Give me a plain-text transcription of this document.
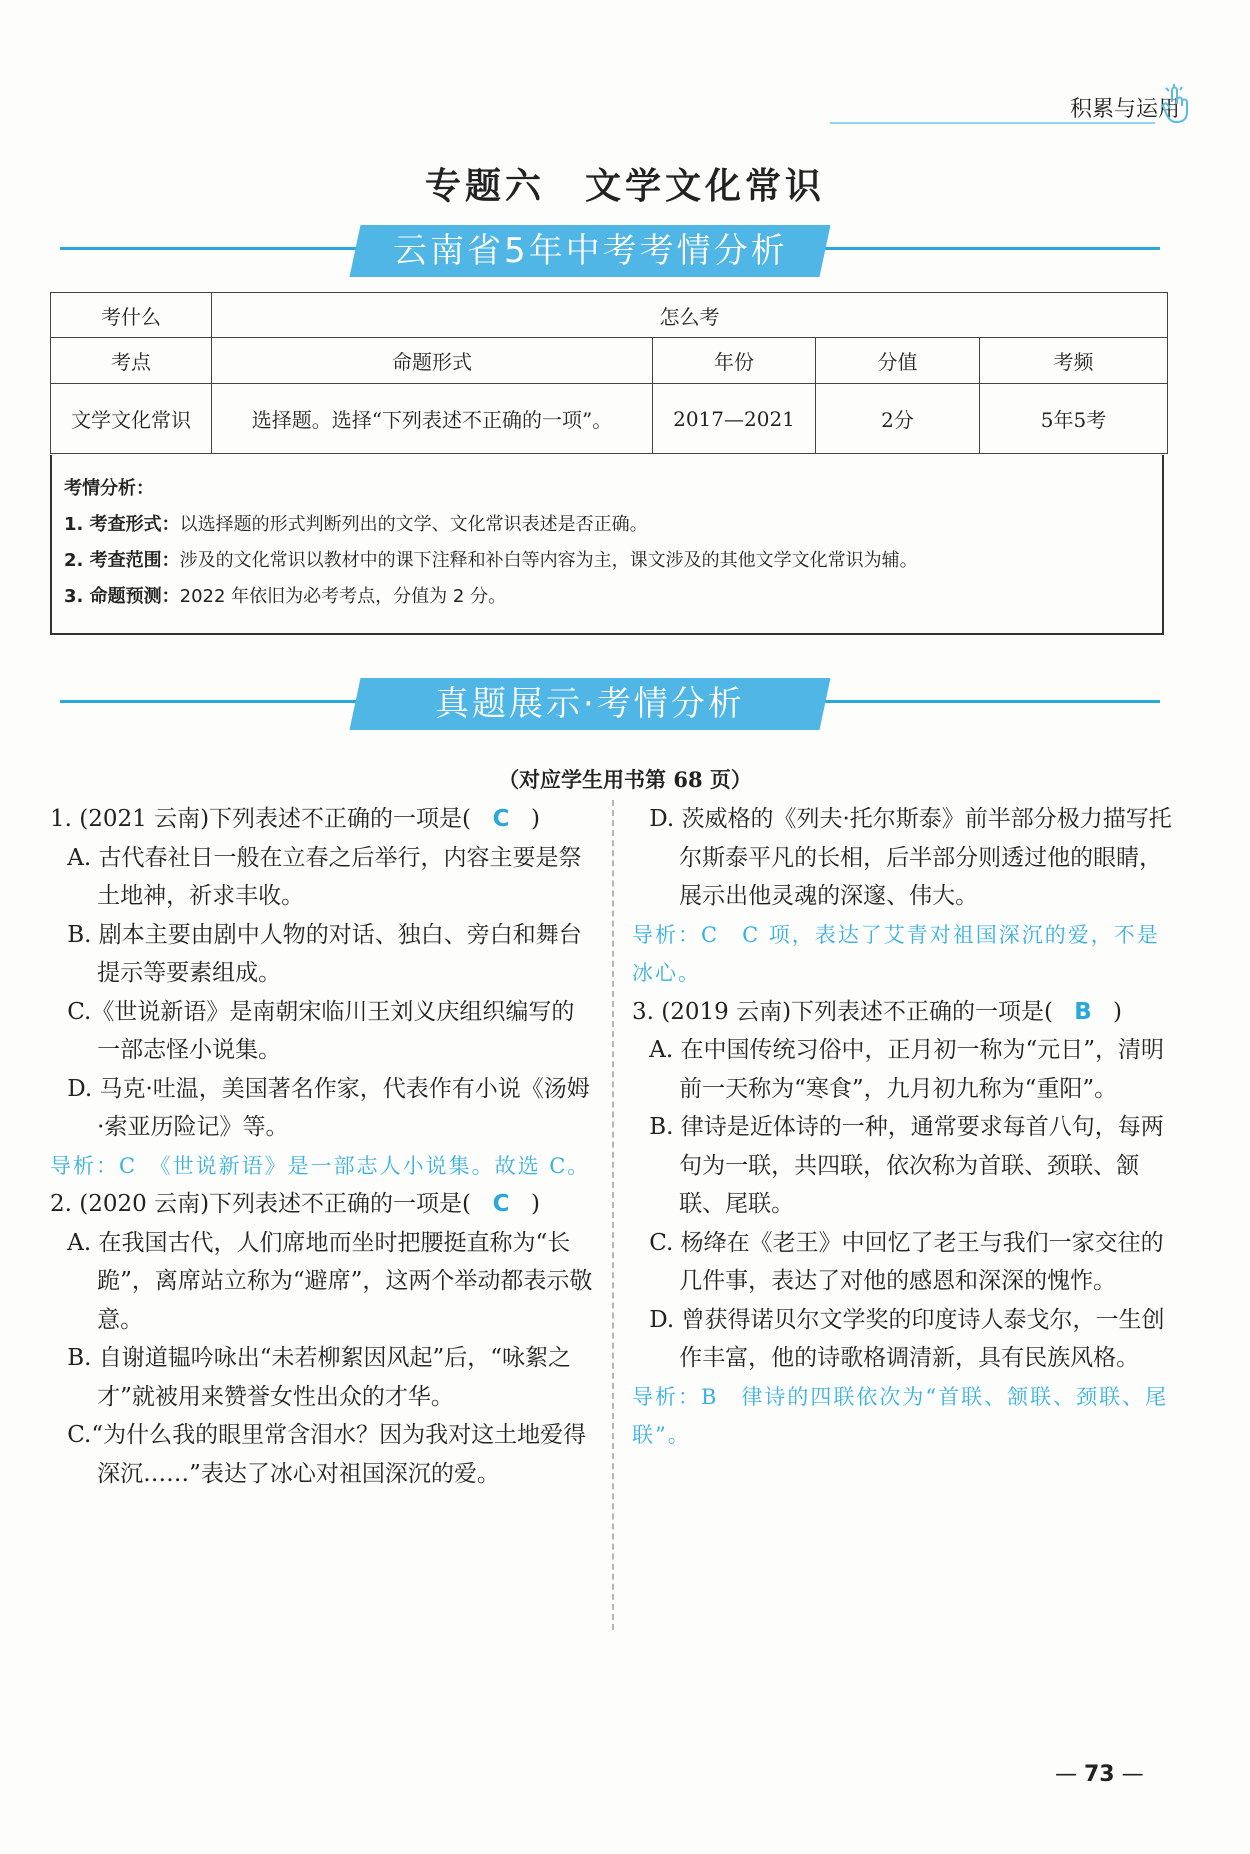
积累与运用
专题六　文学文化常识
云南省5年中考考情分析
考什么	怎么考			
考点	命题形式	年份	分值	考频
文学文化常识	选择题。选择“下列表述不正确的一项”。	2017—2021	2分	5年5考

考情分析：

1. 考查形式：以选择题的形式判断列出的文学、文化常识表述是否正确。

2. 考查范围：涉及的文化常识以教材中的课下注释和补白等内容为主，课文涉及的其他文学文化常识为辅。

3. 命题预测：2022 年依旧为必考考点，分值为 2 分。

真题展示·考情分析
（对应学生用书第 68 页）

1. (2021 云南)下列表述不正确的一项是( C )

A. 古代春社日一般在立春之后举行，内容主要是祭土地神，祈求丰收。

B. 剧本主要由剧中人物的对话、独白、旁白和舞台提示等要素组成。

C.《世说新语》是南朝宋临川王刘义庆组织编写的一部志怪小说集。

D. 马克·吐温，美国著名作家，代表作有小说《汤姆·索亚历险记》等。

导析：C　《世说新语》是一部志人小说集。故选 C。

2. (2020 云南)下列表述不正确的一项是( C )

A. 在我国古代，人们席地而坐时把腰挺直称为“长跪”，离席站立称为“避席”，这两个举动都表示敬意。

B. 自谢道韫吟咏出“未若柳絮因风起”后，“咏絮之才”就被用来赞誉女性出众的才华。

C.“为什么我的眼里常含泪水？因为我对这土地爱得深沉……”表达了冰心对祖国深沉的爱。

D. 茨威格的《列夫·托尔斯泰》前半部分极力描写托尔斯泰平凡的长相，后半部分则透过他的眼睛，展示出他灵魂的深邃、伟大。

导析：C　C 项，表达了艾青对祖国深沉的爱，不是冰心。

3. (2019 云南)下列表述不正确的一项是( B )

A. 在中国传统习俗中，正月初一称为“元日”，清明前一天称为“寒食”，九月初九称为“重阳”。

B. 律诗是近体诗的一种，通常要求每首八句，每两句为一联，共四联，依次称为首联、颈联、颔联、尾联。

C. 杨绛在《老王》中回忆了老王与我们一家交往的几件事，表达了对他的感恩和深深的愧怍。

D. 曾获得诺贝尔文学奖的印度诗人泰戈尔，一生创作丰富，他的诗歌格调清新，具有民族风格。

导析：B　律诗的四联依次为“首联、颔联、颈联、尾联”。

— 73 —
